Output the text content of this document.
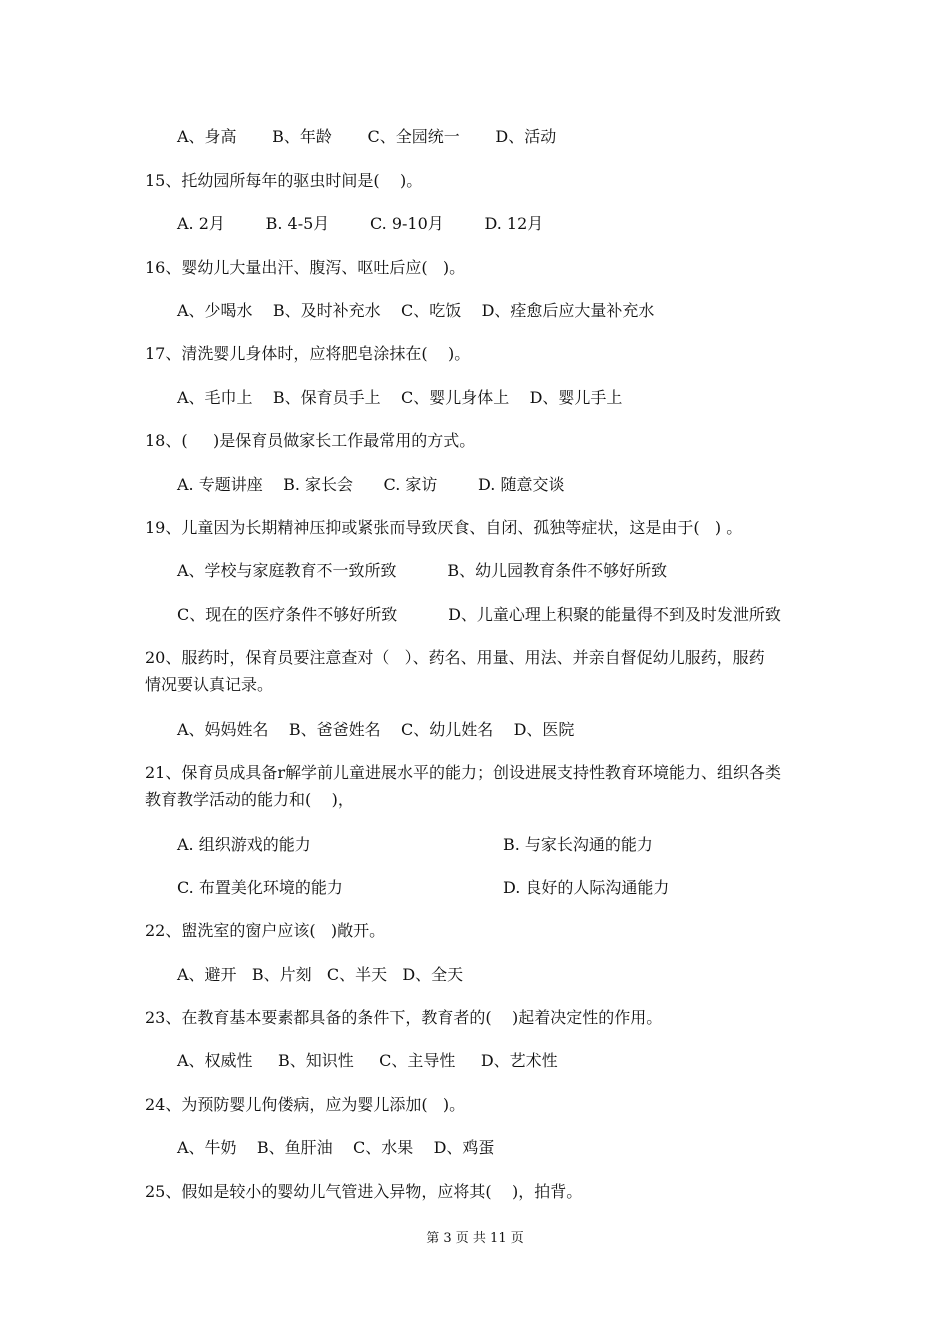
A、身高       B、年龄       C、全园统一       D、活动
15、托幼园所每年的驱虫时间是(    )。
A. 2月        B. 4-5月        C. 9-10月        D. 12月
16、婴幼儿大量出汗、腹泻、呕吐后应(   )。
A、少喝水    B、及时补充水    C、吃饭    D、痊愈后应大量补充水
17、清洗婴儿身体时，应将肥皂涂抹在(    )。
A、毛巾上    B、保育员手上    C、婴儿身体上    D、婴儿手上
18、(     )是保育员做家长工作最常用的方式。
A. 专题讲座    B. 家长会      C. 家访        D. 随意交谈
19、儿童因为长期精神压抑或紧张而导致厌食、自闭、孤独等症状，这是由于(   ) 。
A、学校与家庭教育不一致所致          B、幼儿园教育条件不够好所致
C、现在的医疗条件不够好所致          D、儿童心理上积聚的能量得不到及时发泄所致
20、服药时，保育员要注意查对（   ）、药名、用量、用法、并亲自督促幼儿服药，服药
情况要认真记录。
A、妈妈姓名    B、爸爸姓名    C、幼儿姓名    D、医院
21、保育员成具备r解学前儿童进展水平的能力；创设进展支持性教育环境能力、组织各类
教育教学活动的能力和(    )，
A. 组织游戏的能力	B. 与家长沟通的能力
C. 布置美化环境的能力	D. 良好的人际沟通能力
22、盥洗室的窗户应该(   )敞开。
A、避开   B、片刻   C、半天   D、全天
23、在教育基本要素都具备的条件下，教育者的(    )起着决定性的作用。
A、权威性     B、知识性     C、主导性     D、艺术性
24、为预防婴儿佝偻病，应为婴儿添加(   )。
A、牛奶    B、鱼肝油    C、水果    D、鸡蛋
25、假如是较小的婴幼儿气管进入异物，应将其(    )，拍背。
第 3 页 共 11 页
